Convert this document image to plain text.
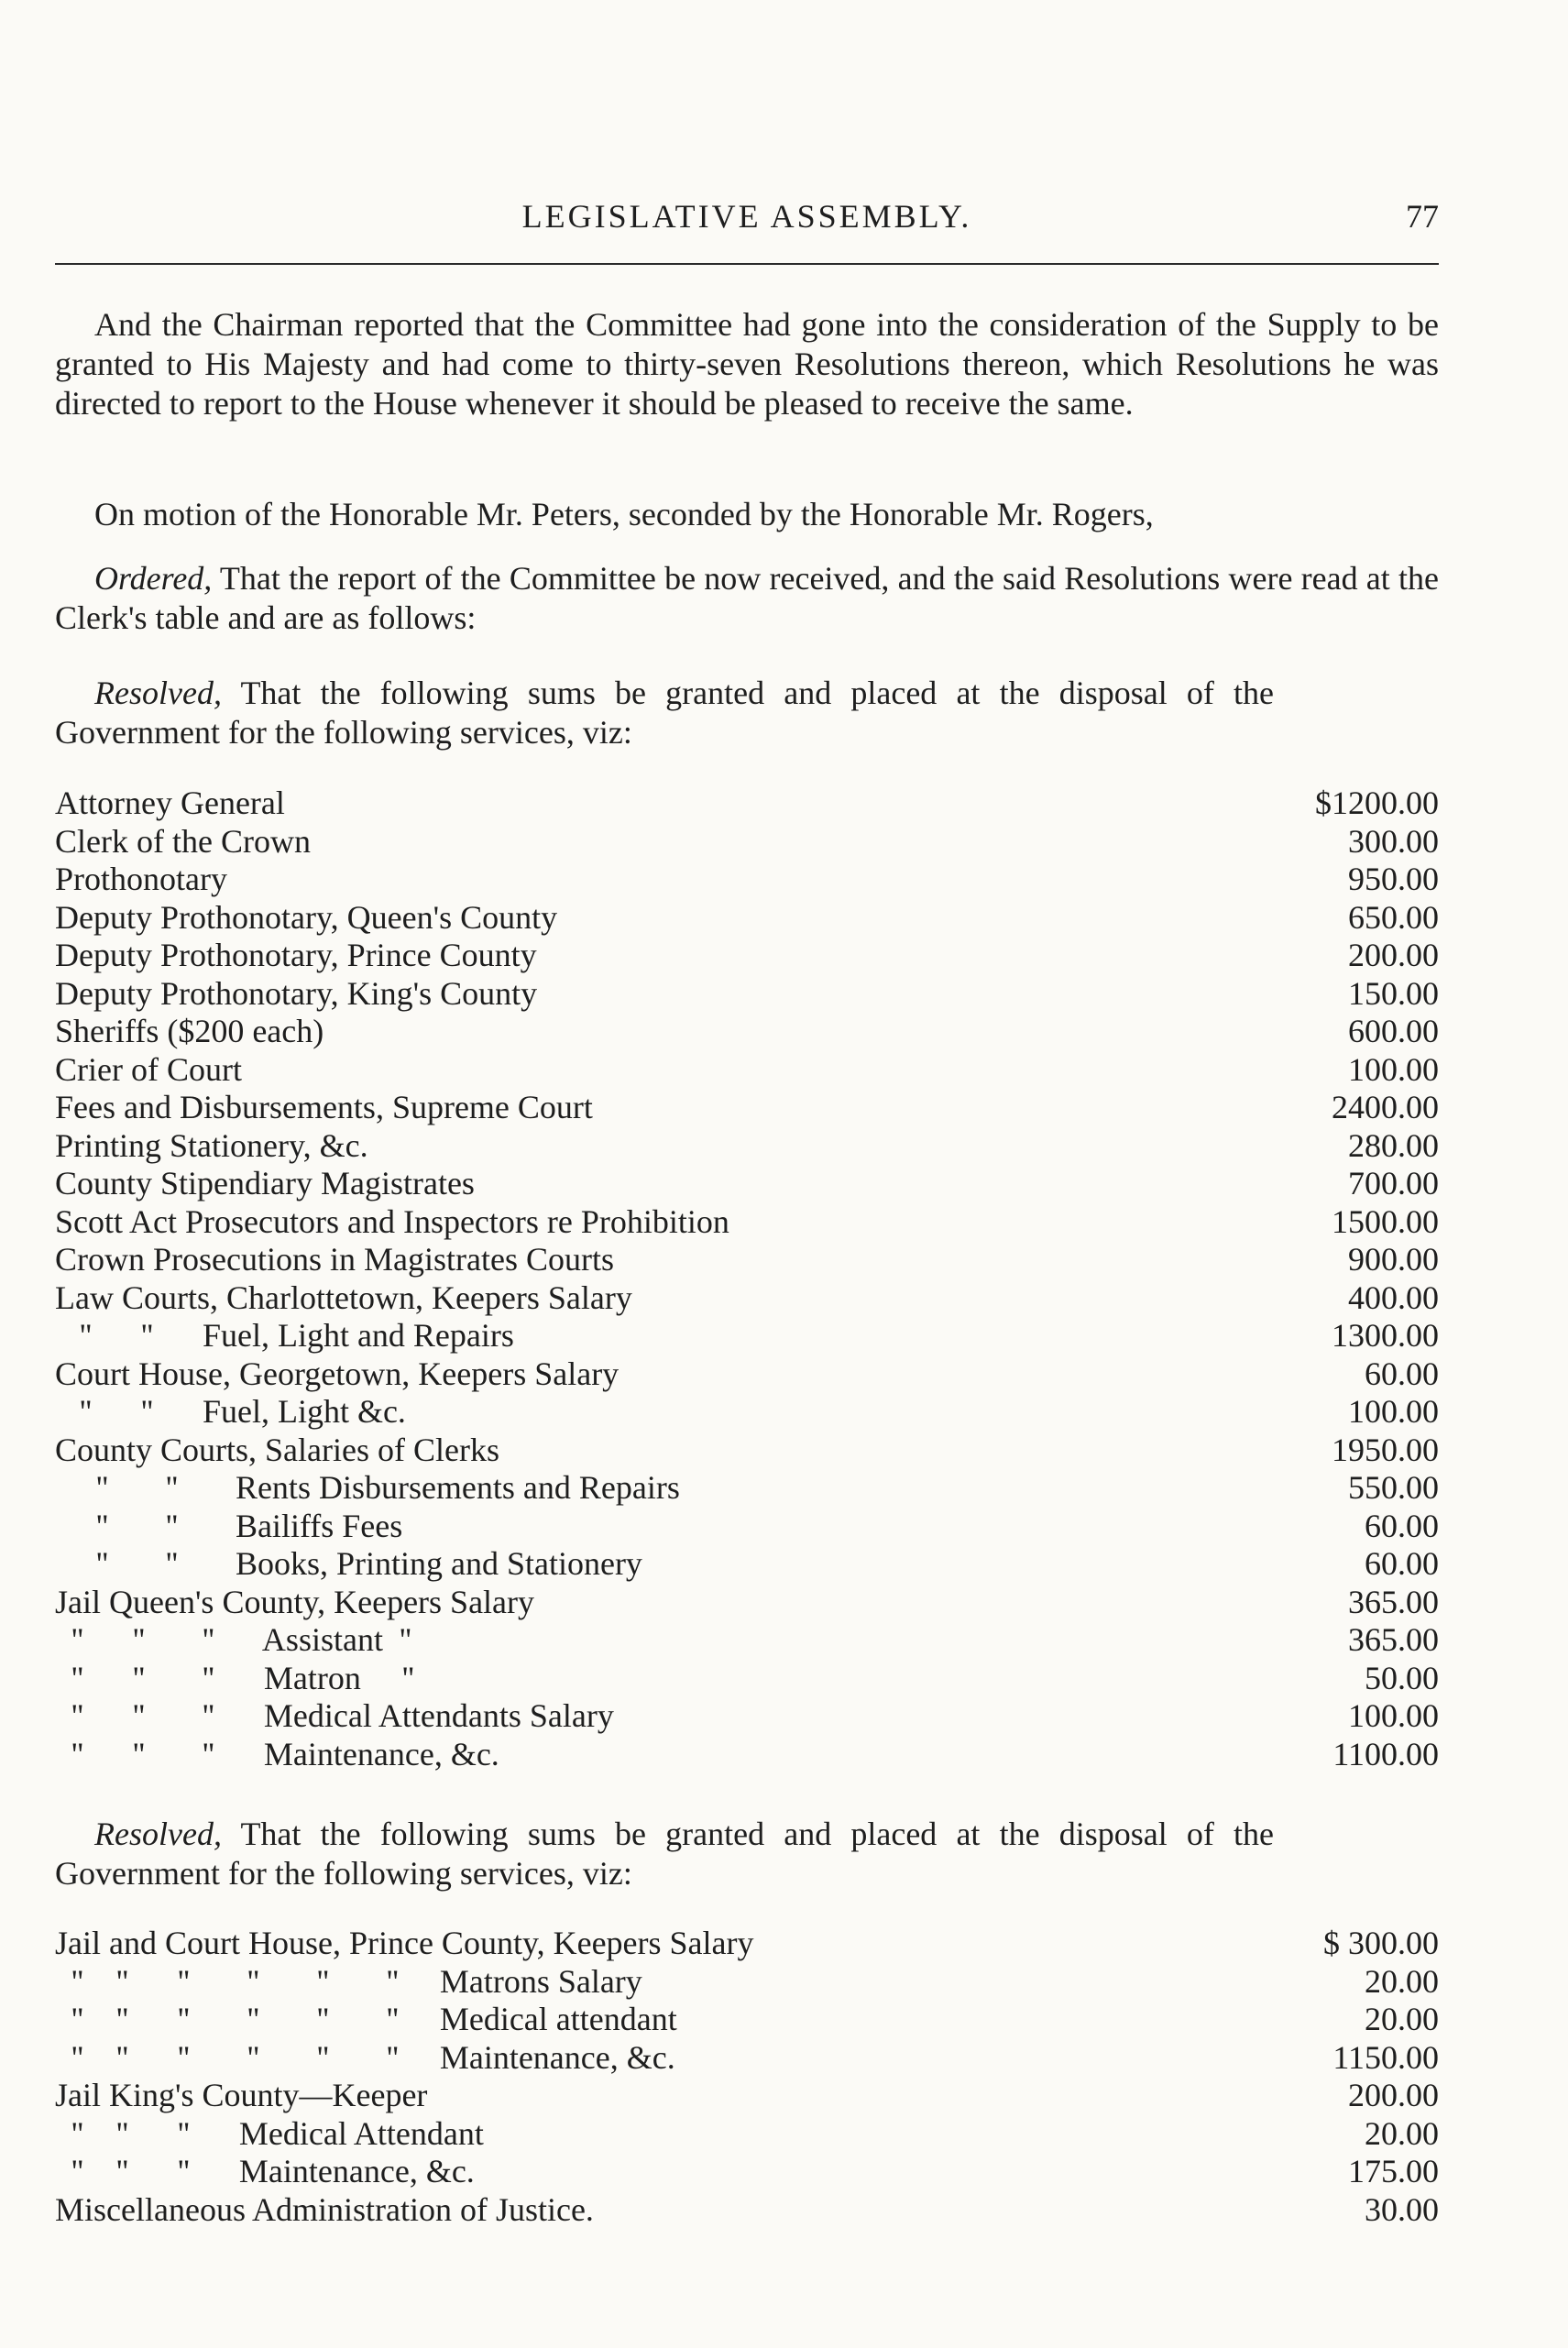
LEGISLATIVE ASSEMBLY.	77
And the Chairman reported that the Committee had gone into the consideration of the Supply to be granted to His Majesty and had come to thirty-seven Resolutions thereon, which Resolutions he was directed to report to the House whenever it should be pleased to receive the same.
On motion of the Honorable Mr. Peters, seconded by the Honorable Mr. Rogers,
Ordered, That the report of the Committee be now received, and the said Resolutions were read at the Clerk's table and are as follows:
Resolved, That the following sums be granted and placed at the disposal of the Government for the following services, viz:
Attorney General	$1200.00
Clerk of the Crown	300.00
Prothonotary	950.00
Deputy Prothonotary, Queen's County	650.00
Deputy Prothonotary, Prince County	200.00
Deputy Prothonotary, King's County	150.00
Sheriffs ($200 each)	600.00
Crier of Court	100.00
Fees and Disbursements, Supreme Court	2400.00
Printing Stationery, &c.	280.00
County Stipendiary Magistrates	700.00
Scott Act Prosecutors and Inspectors re Prohibition	1500.00
Crown Prosecutions in Magistrates Courts	900.00
Law Courts, Charlottetown, Keepers Salary	400.00
''      ''      Fuel, Light and Repairs	1300.00
Court House, Georgetown, Keepers Salary	60.00
''      ''      Fuel, Light &c.	100.00
County Courts, Salaries of Clerks	1950.00
''       ''       Rents Disbursements and Repairs	550.00
''       ''       Bailiffs Fees	60.00
''       ''       Books, Printing and Stationery	60.00
Jail Queen's County, Keepers Salary	365.00
''      ''       ''      Assistant  ''	365.00
''      ''       ''      Matron     ''	50.00
''      ''       ''      Medical Attendants Salary	100.00
''      ''       ''      Maintenance, &c.	1100.00
Resolved, That the following sums be granted and placed at the disposal of the Government for the following services, viz:
Jail and Court House, Prince County, Keepers Salary	$ 300.00
''    ''      ''       ''       ''       ''     Matrons Salary	20.00
''    ''      ''       ''       ''       ''     Medical attendant	20.00
''    ''      ''       ''       ''       ''     Maintenance, &c.	1150.00
Jail King's County—Keeper	200.00
''    ''      ''      Medical Attendant	20.00
''    ''      ''      Maintenance, &c.	175.00
Miscellaneous Administration of Justice.	30.00
